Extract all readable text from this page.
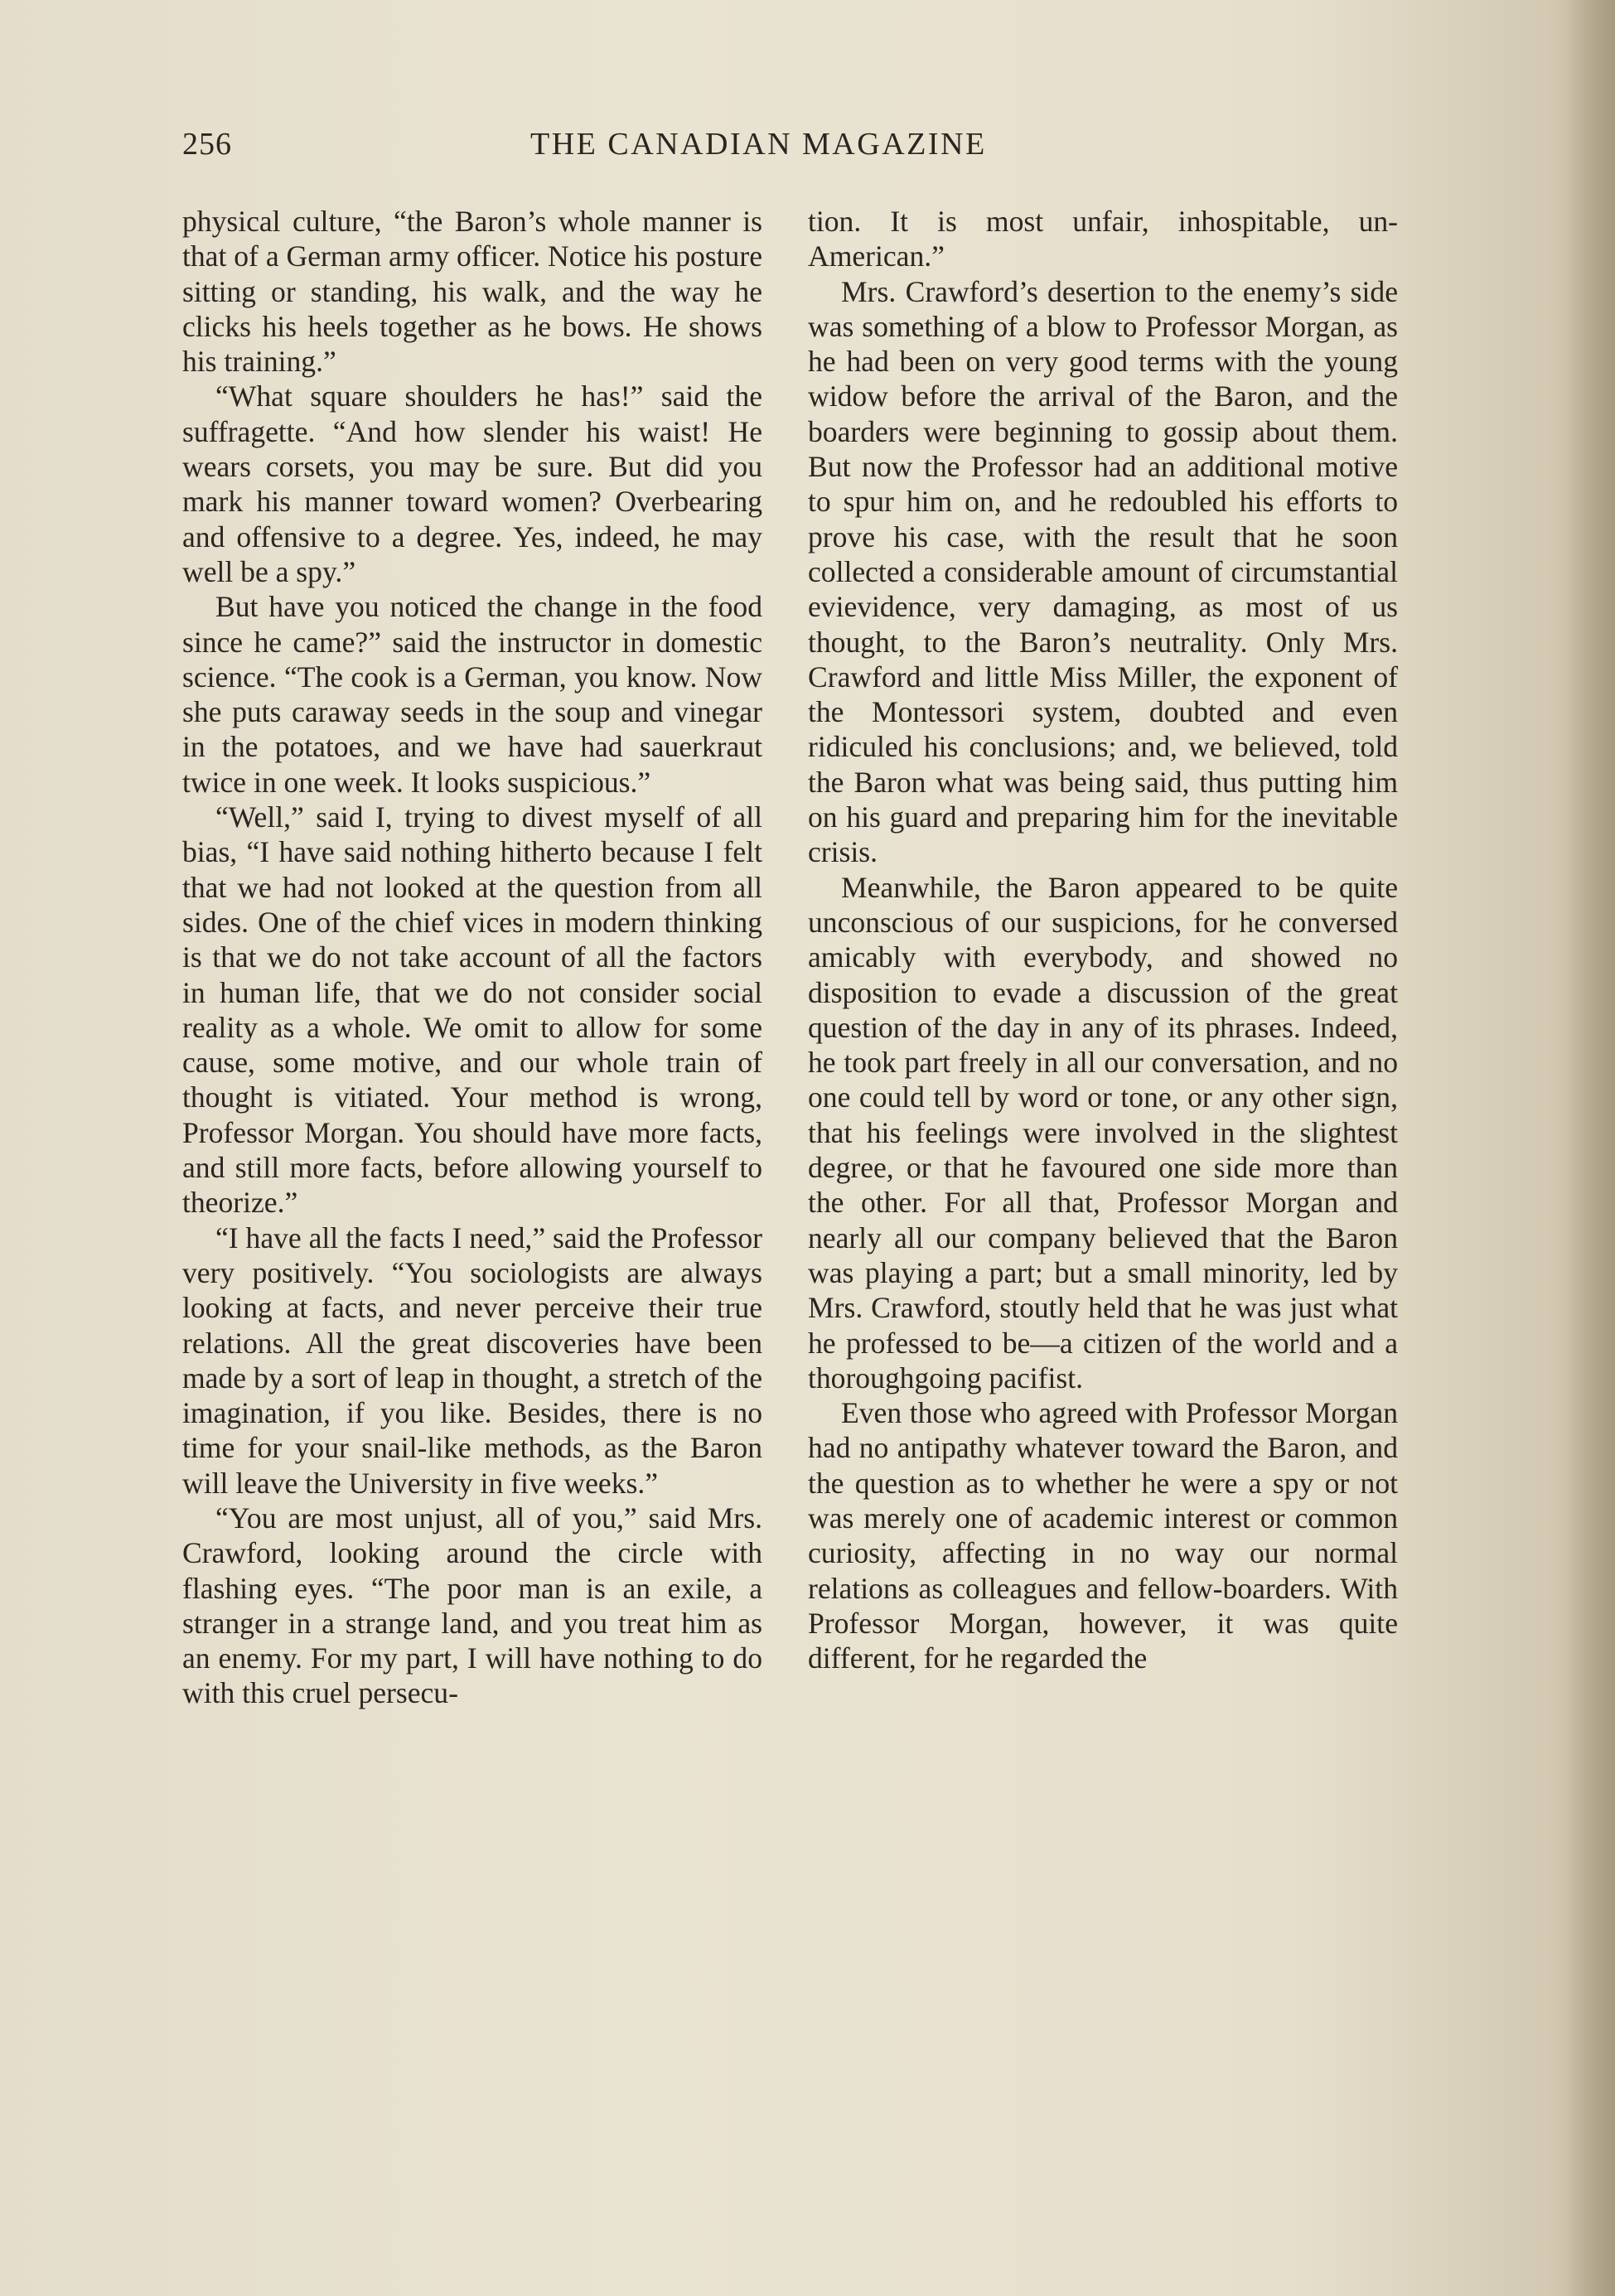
256	THE CANADIAN MAGAZINE

physical culture, “the Baron’s whole manner is that of a German army officer. Notice his posture sitting or standing, his walk, and the way he clicks his heels together as he bows. He shows his training.”

“What square shoulders he has!” said the suffragette. “And how slender his waist! He wears corsets, you may be sure. But did you mark his manner toward women? Overbearing and offensive to a degree. Yes, indeed, he may well be a spy.”

But have you noticed the change in the food since he came?” said the instructor in domestic science. “The cook is a German, you know. Now she puts caraway seeds in the soup and vinegar in the potatoes, and we have had sauerkraut twice in one week. It looks suspicious.”

“Well,” said I, trying to divest myself of all bias, “I have said nothing hitherto because I felt that we had not looked at the question from all sides. One of the chief vices in modern thinking is that we do not take account of all the factors in human life, that we do not consider social reality as a whole. We omit to allow for some cause, some motive, and our whole train of thought is vitiated. Your method is wrong, Professor Morgan. You should have more facts, and still more facts, before allowing yourself to theorize.”

“I have all the facts I need,” said the Professor very positively. “You sociologists are always looking at facts, and never perceive their true relations. All the great discoveries have been made by a sort of leap in thought, a stretch of the imagination, if you like. Besides, there is no time for your snail-like methods, as the Baron will leave the University in five weeks.”

“You are most unjust, all of you,” said Mrs. Crawford, looking around the circle with flashing eyes. “The poor man is an exile, a stranger in a strange land, and you treat him as an enemy. For my part, I will have nothing to do with this cruel persecu-

tion. It is most unfair, inhospitable, un-American.”

Mrs. Crawford’s desertion to the enemy’s side was something of a blow to Professor Morgan, as he had been on very good terms with the young widow before the arrival of the Baron, and the boarders were beginning to gossip about them. But now the Professor had an additional motive to spur him on, and he redoubled his efforts to prove his case, with the result that he soon collected a considerable amount of circumstantial evievidence, very damaging, as most of us thought, to the Baron’s neutrality. Only Mrs. Crawford and little Miss Miller, the exponent of the Montessori system, doubted and even ridiculed his conclusions; and, we believed, told the Baron what was being said, thus putting him on his guard and preparing him for the inevitable crisis.

Meanwhile, the Baron appeared to be quite unconscious of our suspicions, for he conversed amicably with everybody, and showed no disposition to evade a discussion of the great question of the day in any of its phrases. Indeed, he took part freely in all our conversation, and no one could tell by word or tone, or any other sign, that his feelings were involved in the slightest degree, or that he favoured one side more than the other. For all that, Professor Morgan and nearly all our company believed that the Baron was playing a part; but a small minority, led by Mrs. Crawford, stoutly held that he was just what he professed to be—a citizen of the world and a thoroughgoing pacifist.

Even those who agreed with Professor Morgan had no antipathy whatever toward the Baron, and the question as to whether he were a spy or not was merely one of academic interest or common curiosity, affecting in no way our normal relations as colleagues and fellow-boarders. With Professor Morgan, however, it was quite different, for he regarded the
